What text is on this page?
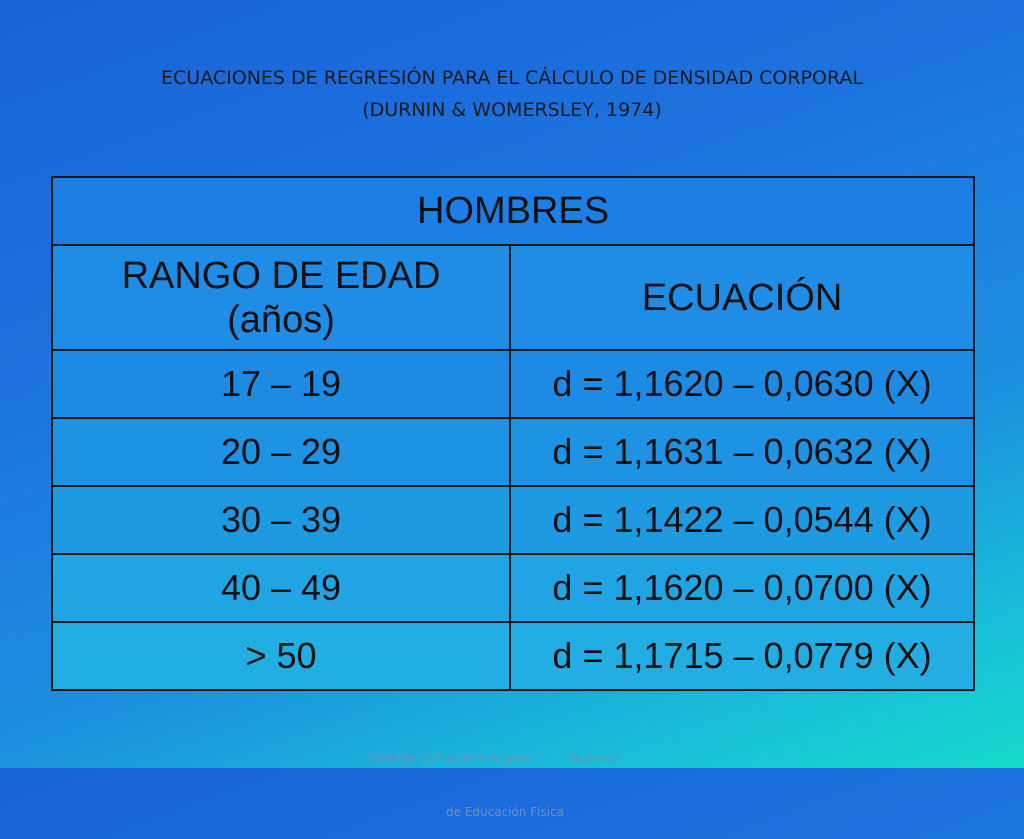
ECUACIONES DE REGRESIÓN PARA EL CÁLCULO DE DENSIDAD CORPORAL
(DURNIN & WOMERSLEY, 1974)
HOMBRES	

RANGO DE EDAD
(años)	ECUACIÓN
17 – 19	d = 1,1620 – 0,0630 (X)
20 – 29	d = 1,1631 – 0,0632 (X)
30 – 39	d = 1,1422 – 0,0544 (X)
40 – 49	d = 1,1620 – 0,0700 (X)
> 50	d = 1,1715 – 0,0779 (X)

Rodrigo Gallardo Rodríguez	Profesor

de Educación Física
